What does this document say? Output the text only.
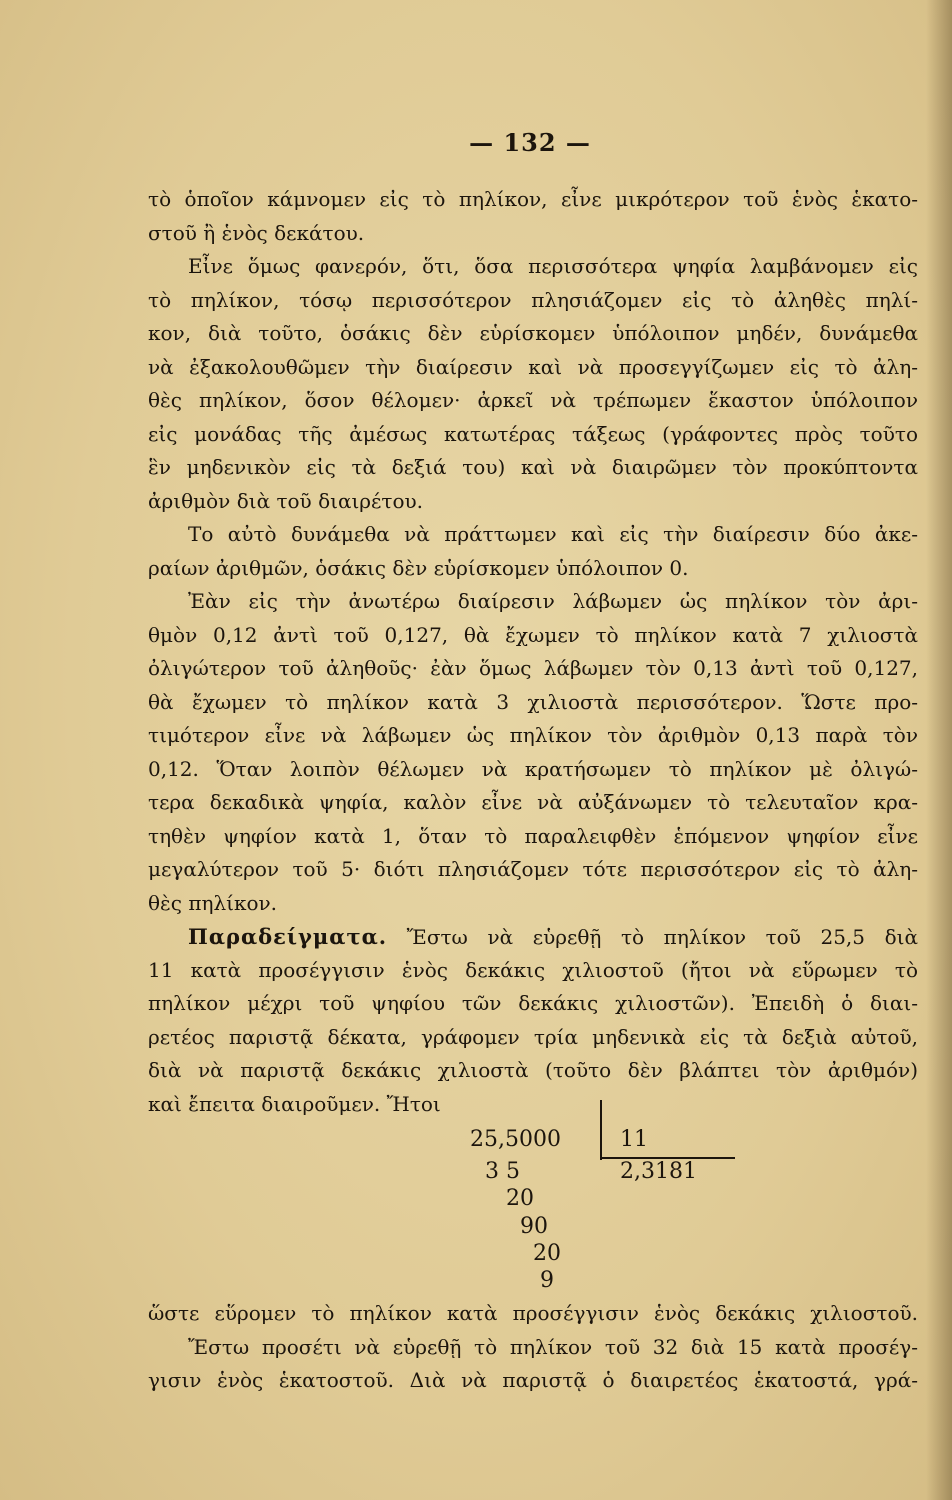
— 132 —
τὸ ὁποῖον κάμνομεν εἰς τὸ πηλίκον, εἶνε μικρότερον τοῦ ἑνὸς ἑκατο-
στοῦ ἢ ἑνὸς δεκάτου.
Εἶνε ὅμως φανερόν, ὅτι, ὅσα περισσότερα ψηφία λαμβάνομεν εἰς
τὸ πηλίκον, τόσῳ περισσότερον πλησιάζομεν εἰς τὸ ἀληθὲς πηλί-
κον, διὰ τοῦτο, ὁσάκις δὲν εὑρίσκομεν ὑπόλοιπον μηδέν, δυνάμεθα
νὰ ἐξακολουθῶμεν τὴν διαίρεσιν καὶ νὰ προσεγγίζωμεν εἰς τὸ ἀλη-
θὲς πηλίκον, ὅσον θέλομεν· ἀρκεῖ νὰ τρέπωμεν ἕκαστον ὑπόλοιπον
εἰς μονάδας τῆς ἀμέσως κατωτέρας τάξεως (γράφοντες πρὸς τοῦτο
ἓν μηδενικὸν εἰς τὰ δεξιά του) καὶ νὰ διαιρῶμεν τὸν προκύπτοντα
ἀριθμὸν διὰ τοῦ διαιρέτου.
Το αὐτὸ δυνάμεθα νὰ πράττωμεν καὶ εἰς τὴν διαίρεσιν δύο ἀκε-
ραίων ἀριθμῶν, ὁσάκις δὲν εὑρίσκομεν ὑπόλοιπον 0.
Ἐὰν εἰς τὴν ἀνωτέρω διαίρεσιν λάβωμεν ὡς πηλίκον τὸν ἀρι-
θμὸν 0,12 ἀντὶ τοῦ 0,127, θὰ ἔχωμεν τὸ πηλίκον κατὰ 7 χιλιοστὰ
ὀλιγώτερον τοῦ ἀληθοῦς· ἐὰν ὅμως λάβωμεν τὸν 0,13 ἀντὶ τοῦ 0,127,
θὰ ἔχωμεν τὸ πηλίκον κατὰ 3 χιλιοστὰ περισσότερον. Ὥστε προ-
τιμότερον εἶνε νὰ λάβωμεν ὡς πηλίκον τὸν ἀριθμὸν 0,13 παρὰ τὸν
0,12. Ὅταν λοιπὸν θέλωμεν νὰ κρατήσωμεν τὸ πηλίκον μὲ ὀλιγώ-
τερα δεκαδικὰ ψηφία, καλὸν εἶνε νὰ αὐξάνωμεν τὸ τελευταῖον κρα-
τηθὲν ψηφίον κατὰ 1, ὅταν τὸ παραλειφθὲν ἑπόμενον ψηφίον εἶνε
μεγαλύτερον τοῦ 5· διότι πλησιάζομεν τότε περισσότερον εἰς τὸ ἀλη-
θὲς πηλίκον.
Παραδείγματα. Ἔστω νὰ εὑρεθῇ τὸ πηλίκον τοῦ 25,5 διὰ
11 κατὰ προσέγγισιν ἑνὸς δεκάκις χιλιοστοῦ (ἤτοι νὰ εὕρωμεν τὸ
πηλίκον μέχρι τοῦ ψηφίου τῶν δεκάκις χιλιοστῶν). Ἐπειδὴ ὁ διαι-
ρετέος παριστᾷ δέκατα, γράφομεν τρία μηδενικὰ εἰς τὰ δεξιὰ αὐτοῦ,
διὰ νὰ παριστᾷ δεκάκις χιλιοστὰ (τοῦτο δὲν βλάπτει τὸν ἀριθμόν)
καὶ ἔπειτα διαιροῦμεν. Ἤτοι
25,5000	11
2,3181
3 5
20
90
20
9
ὥστε εὕρομεν τὸ πηλίκον κατὰ προσέγγισιν ἑνὸς δεκάκις χιλιοστοῦ.
Ἔστω προσέτι νὰ εὑρεθῇ τὸ πηλίκον τοῦ 32 διὰ 15 κατὰ προσέγ-
γισιν ἑνὸς ἑκατοστοῦ. Διὰ νὰ παριστᾷ ὁ διαιρετέος ἑκατοστά, γρά-
